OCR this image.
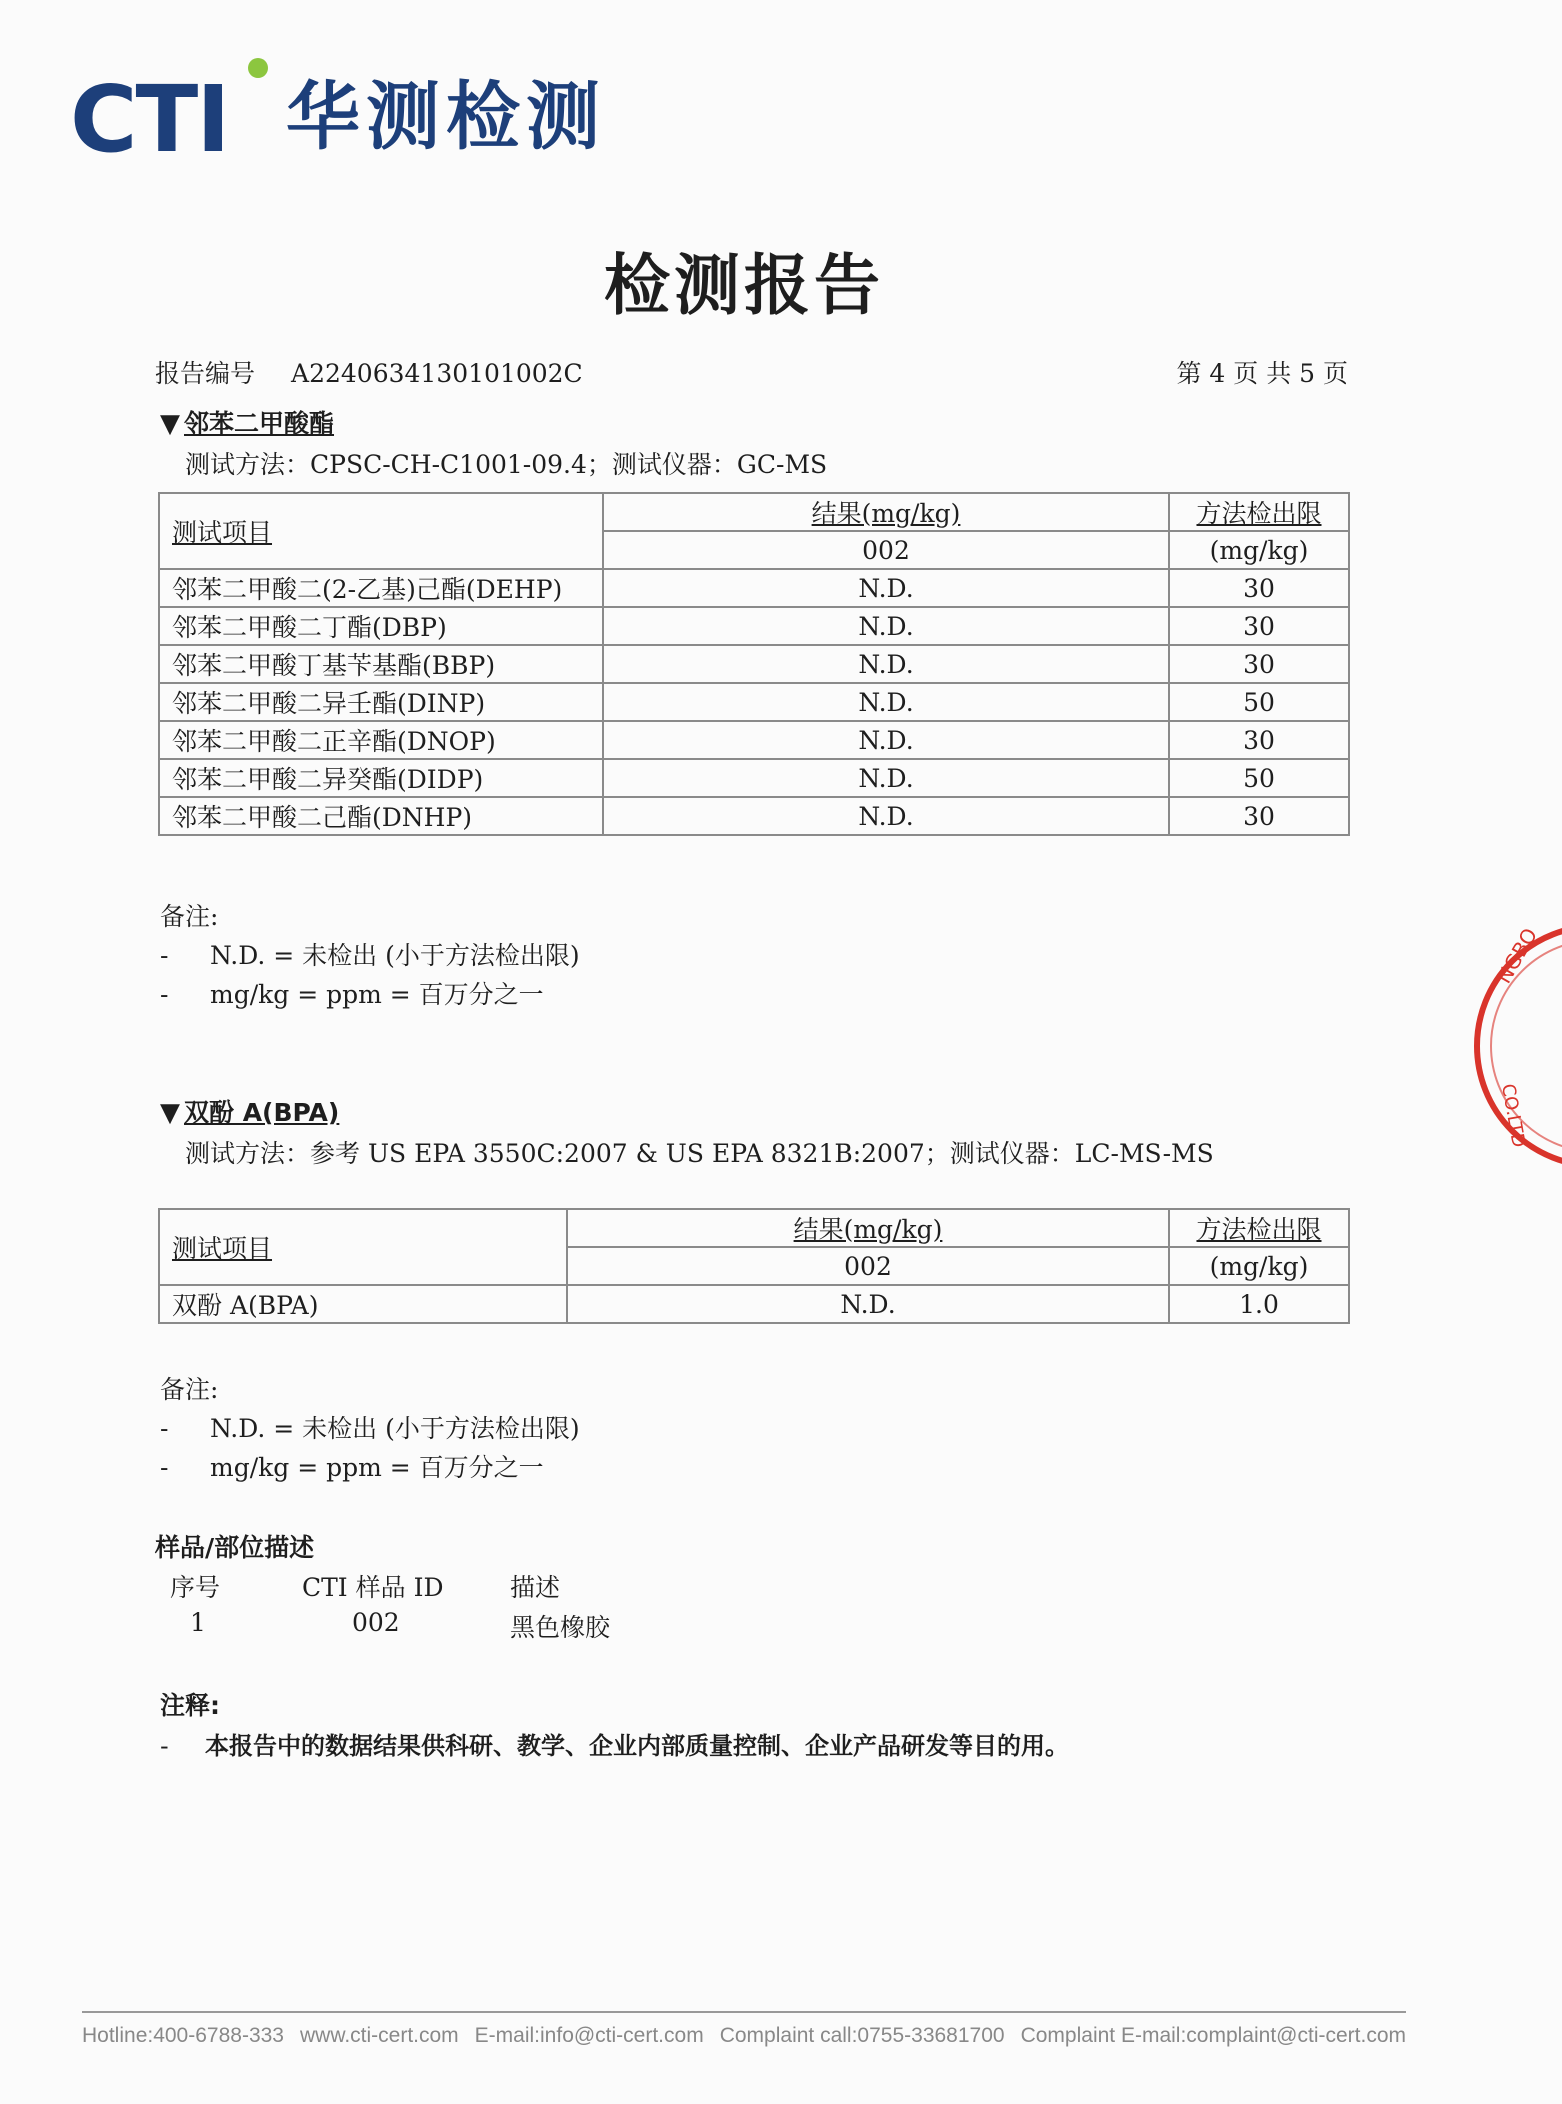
CTI 华测检测
检测报告
报告编号 A2240634130101002C	第 4 页 共 5 页
▼ 邻苯二甲酸酯
测试方法：CPSC-CH-C1001-09.4；测试仪器：GC-MS
测试项目	结果(mg/kg)	方法检出限
	002	(mg/kg)
邻苯二甲酸二(2-乙基)己酯(DEHP)	N.D.	30
邻苯二甲酸二丁酯(DBP)	N.D.	30
邻苯二甲酸丁基苄基酯(BBP)	N.D.	30
邻苯二甲酸二异壬酯(DINP)	N.D.	50
邻苯二甲酸二正辛酯(DNOP)	N.D.	30
邻苯二甲酸二异癸酯(DIDP)	N.D.	50
邻苯二甲酸二己酯(DNHP)	N.D.	30
备注:
- N.D. = 未检出 (小于方法检出限)
- mg/kg = ppm = 百万分之一
▼ 双酚 A(BPA)
测试方法：参考 US EPA 3550C:2007 & US EPA 8321B:2007；测试仪器：LC-MS-MS
测试项目	结果(mg/kg)	方法检出限
	002	(mg/kg)
双酚 A(BPA)	N.D.	1.0
备注:
- N.D. = 未检出 (小于方法检出限)
- mg/kg = ppm = 百万分之一
样品/部位描述
序号	CTI 样品 ID	描述
1	002	黑色橡胶
注释:
- 本报告中的数据结果供科研、教学、企业内部质量控制、企业产品研发等目的用。
NGBO
CO.LTD
Hotline:400-6788-333 www.cti-cert.com E-mail:info@cti-cert.com Complaint call:0755-33681700 Complaint E-mail:complaint@cti-cert.com
